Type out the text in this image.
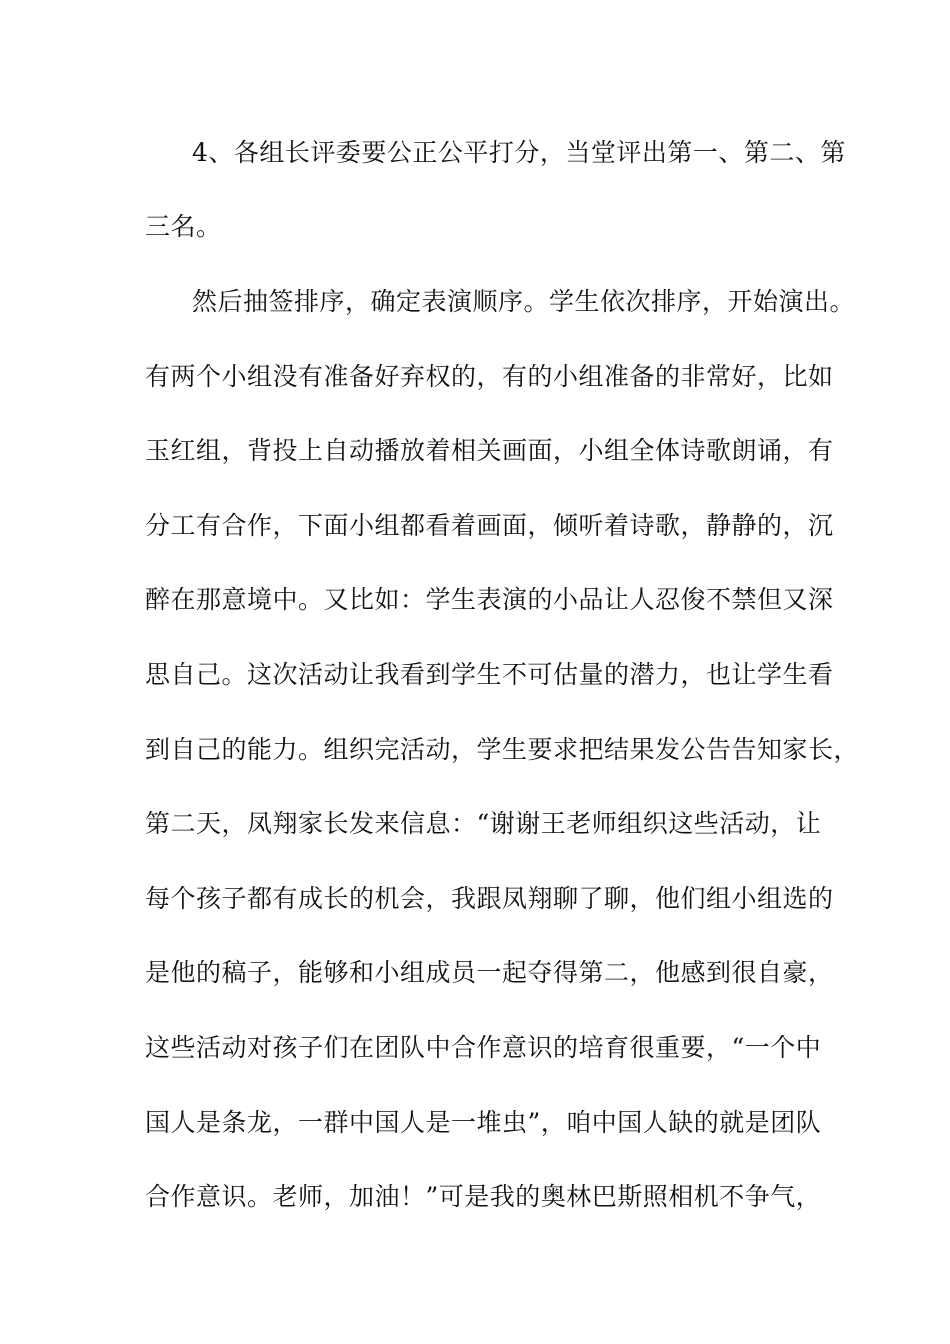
4、各组长评委要公正公平打分，当堂评出第一、第二、第
三名。
然后抽签排序，确定表演顺序。学生依次排序，开始演出。
有两个小组没有准备好弃权的，有的小组准备的非常好，比如
玉红组，背投上自动播放着相关画面，小组全体诗歌朗诵，有
分工有合作，下面小组都看着画面，倾听着诗歌，静静的，沉
醉在那意境中。又比如：学生表演的小品让人忍俊不禁但又深
思自己。这次活动让我看到学生不可估量的潜力，也让学生看
到自己的能力。组织完活动，学生要求把结果发公告告知家长，
第二天，凤翔家长发来信息：“谢谢王老师组织这些活动，让
每个孩子都有成长的机会，我跟凤翔聊了聊，他们组小组选的
是他的稿子，能够和小组成员一起夺得第二，他感到很自豪，
这些活动对孩子们在团队中合作意识的培育很重要，“一个中
国人是条龙，一群中国人是一堆虫”，咱中国人缺的就是团队
合作意识。老师，加油！”可是我的奥林巴斯照相机不争气，
